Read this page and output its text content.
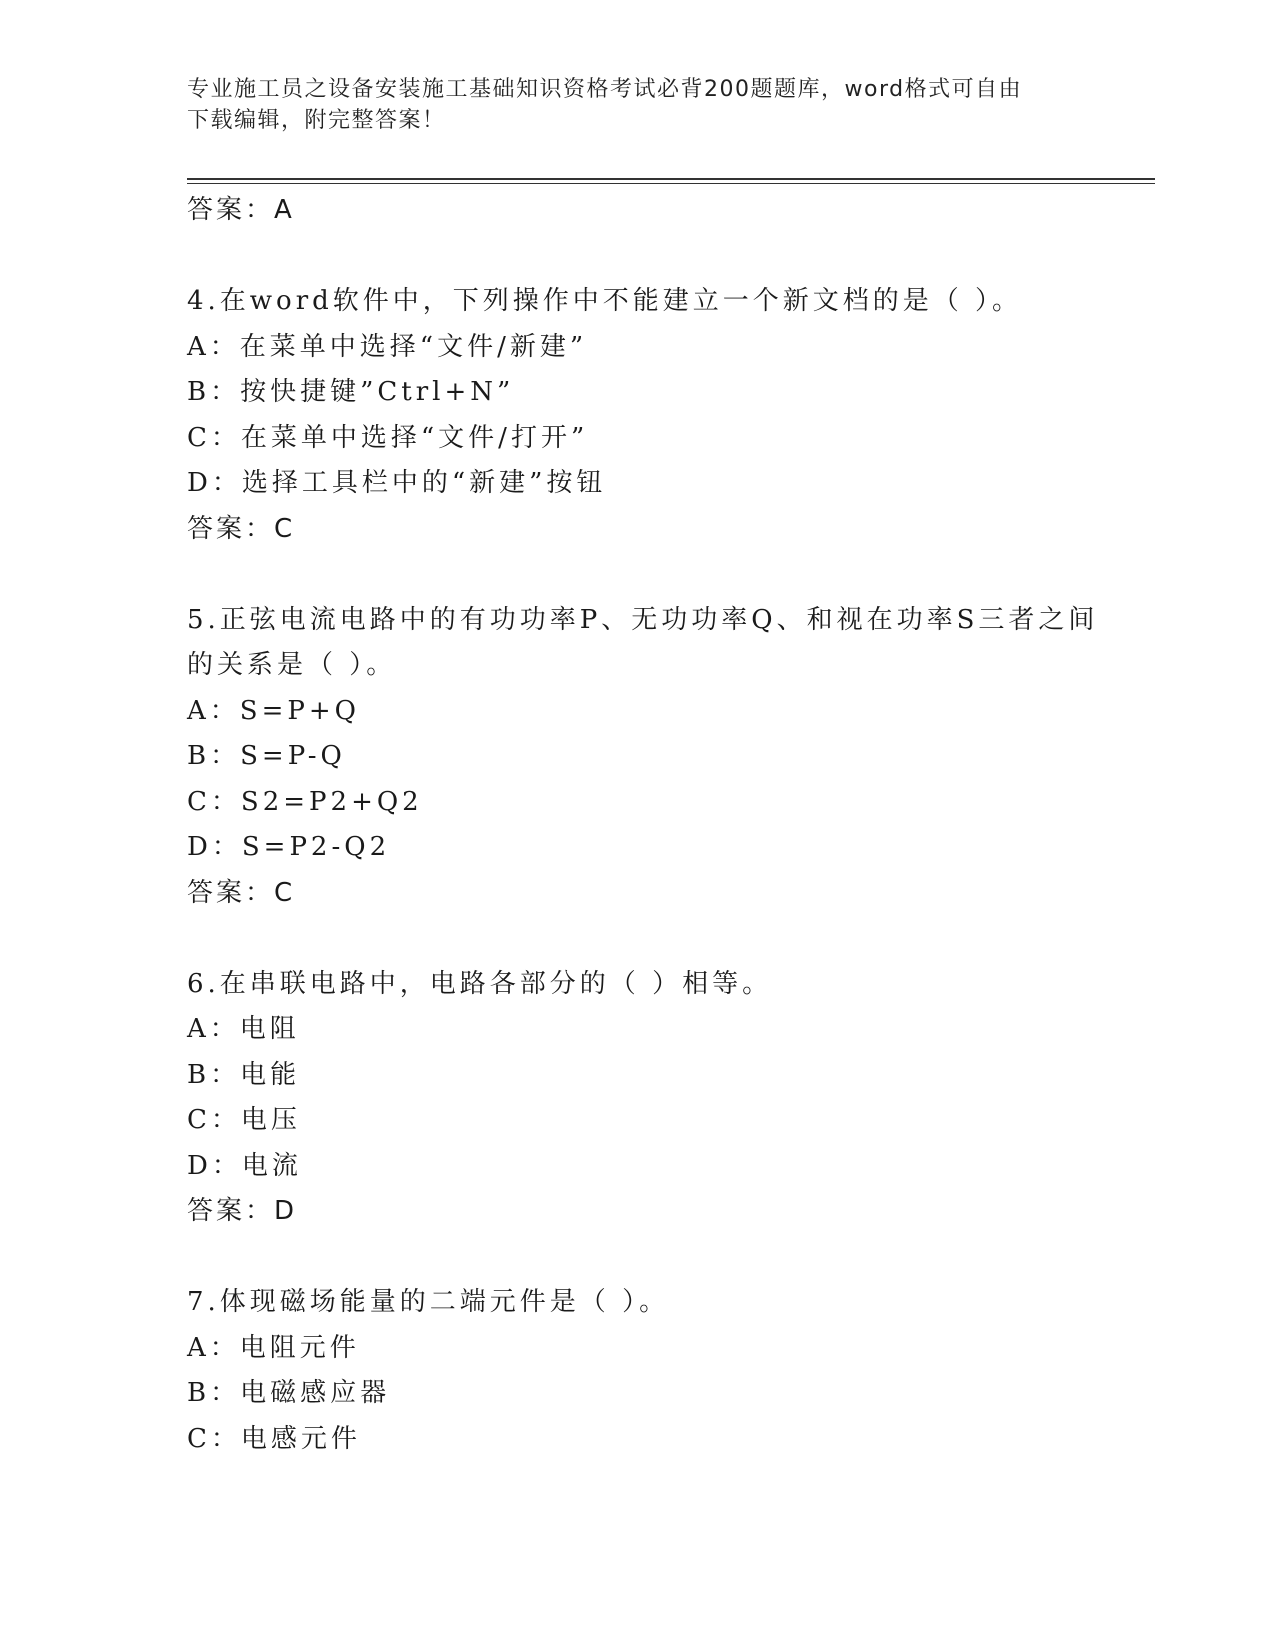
专业施工员之设备安装施工基础知识资格考试必背200题题库，word格式可自由
下载编辑，附完整答案！
答案：A
4.在word软件中，下列操作中不能建立一个新文档的是（ ）。
A：在菜单中选择“文件/新建”
B：按快捷键”Ctrl+N”
C：在菜单中选择“文件/打开”
D：选择工具栏中的“新建”按钮
答案：C
5.正弦电流电路中的有功功率P、无功功率Q、和视在功率S三者之间
的关系是（ ）。
A：S=P+Q
B：S=P-Q
C：S2=P2+Q2
D：S=P2-Q2
答案：C
6.在串联电路中，电路各部分的（ ）相等。
A：电阻
B：电能
C：电压
D：电流
答案：D
7.体现磁场能量的二端元件是（ ）。
A：电阻元件
B：电磁感应器
C：电感元件
